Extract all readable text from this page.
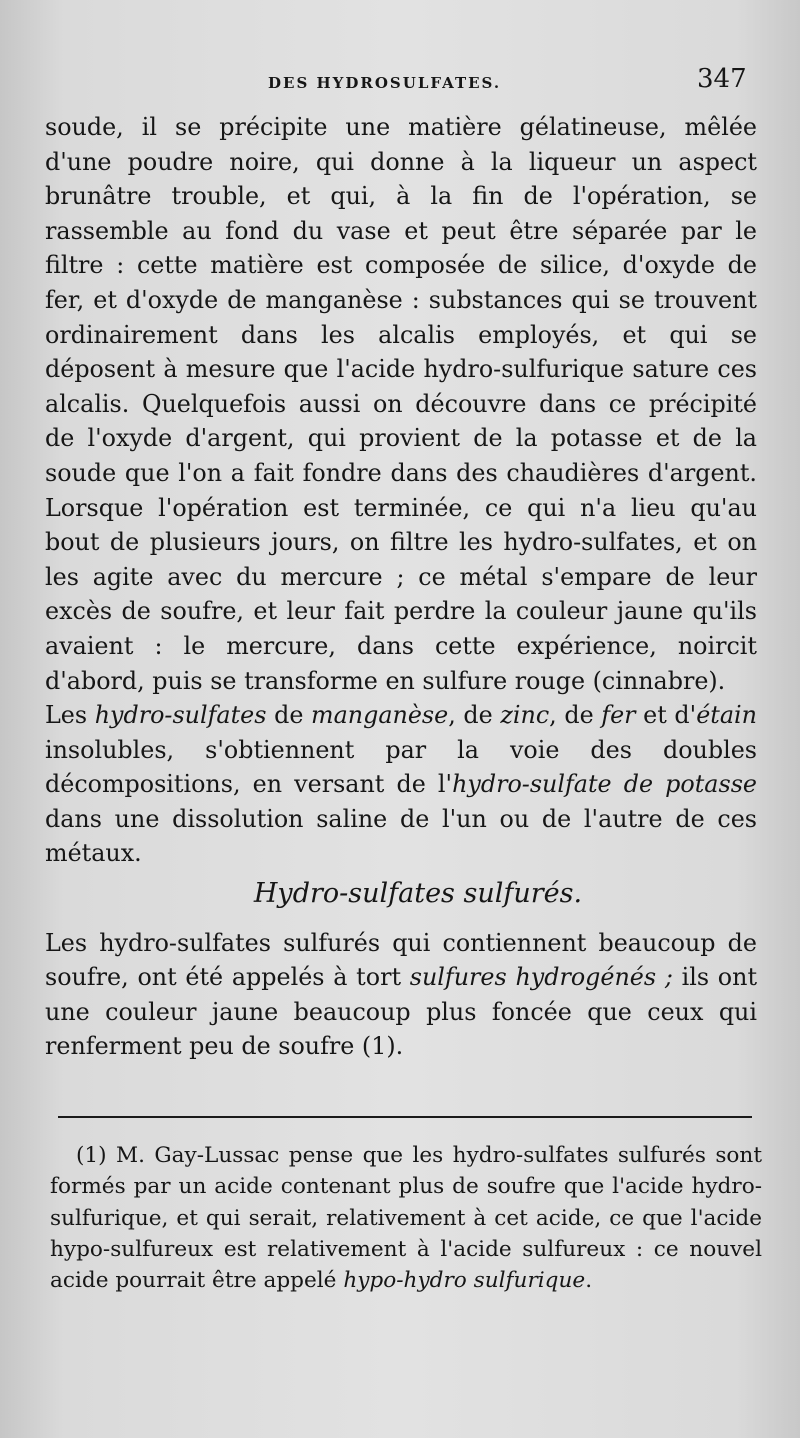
DES HYDROSULFATES.	347

soude, il se précipite une matière gélatineuse, mêlée d'une poudre noire, qui donne à la liqueur un aspect brunâtre trouble, et qui, à la fin de l'opération, se rassemble au fond du vase et peut être séparée par le filtre : cette matière est composée de silice, d'oxyde de fer, et d'oxyde de manganèse : substances qui se trouvent ordinairement dans les alcalis employés, et qui se déposent à mesure que l'acide hydro-sulfurique sature ces alcalis. Quelquefois aussi on découvre dans ce précipité de l'oxyde d'argent, qui provient de la potasse et de la soude que l'on a fait fondre dans des chaudières d'argent. Lorsque l'opération est terminée, ce qui n'a lieu qu'au bout de plusieurs jours, on filtre les hydro-sulfates, et on les agite avec du mercure ; ce métal s'empare de leur excès de soufre, et leur fait perdre la couleur jaune qu'ils avaient : le mercure, dans cette expérience, noircit d'abord, puis se transforme en sulfure rouge (cinnabre).

Les hydro-sulfates de manganèse, de zinc, de fer et d'étain insolubles, s'obtiennent par la voie des doubles décompositions, en versant de l'hydro-sulfate de potasse dans une dissolution saline de l'un ou de l'autre de ces métaux.

Hydro-sulfates sulfurés.

Les hydro-sulfates sulfurés qui contiennent beaucoup de soufre, ont été appelés à tort sulfures hydrogénés ; ils ont une couleur jaune beaucoup plus foncée que ceux qui renferment peu de soufre (1).

(1) M. Gay-Lussac pense que les hydro-sulfates sulfurés sont formés par un acide contenant plus de soufre que l'acide hydro-sulfurique, et qui serait, relativement à cet acide, ce que l'acide hypo-sulfureux est relativement à l'acide sulfureux : ce nouvel acide pourrait être appelé hypo-hydro sulfurique.
